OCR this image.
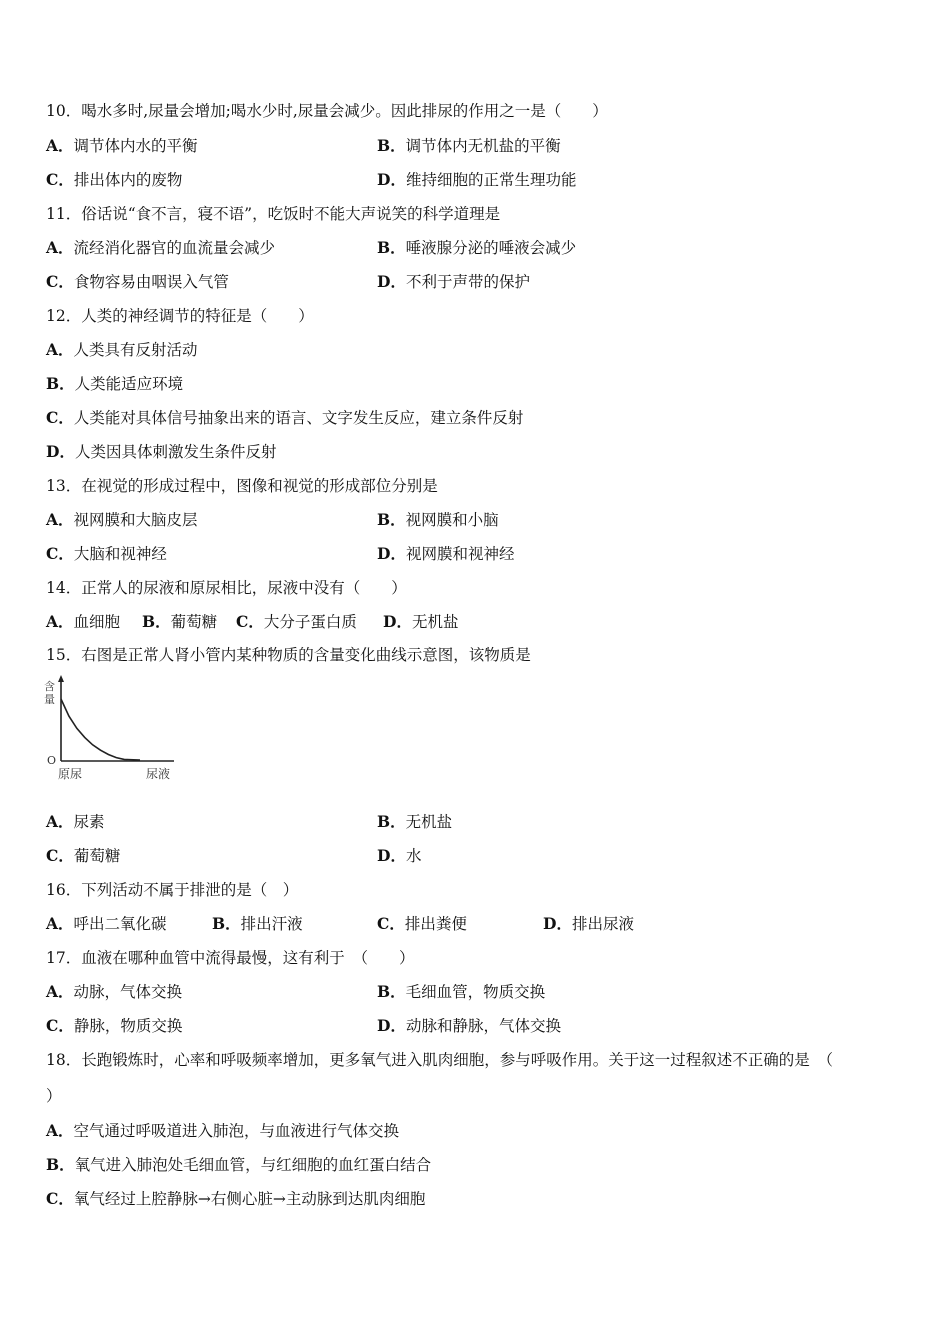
10．喝水多时,尿量会增加;喝水少时,尿量会减少。因此排尿的作用之一是（　　）
A．调节体内水的平衡	B．调节体内无机盐的平衡
C．排出体内的废物	D．维持细胞的正常生理功能
11．俗话说“食不言，寝不语”，吃饭时不能大声说笑的科学道理是
A．流经消化器官的血流量会减少	B．唾液腺分泌的唾液会减少
C．食物容易由咽误入气管	D．不利于声带的保护
12．人类的神经调节的特征是（　　）
A．人类具有反射活动
B．人类能适应环境
C．人类能对具体信号抽象出来的语言、文字发生反应，建立条件反射
D．人类因具体刺激发生条件反射
13．在视觉的形成过程中，图像和视觉的形成部位分别是
A．视网膜和大脑皮层	B．视网膜和小脑
C．大脑和视神经	D．视网膜和视神经
14．正常人的尿液和原尿相比，尿液中没有（　　）
A．血细胞 B．葡萄糖 C．大分子蛋白质 D．无机盐
15．右图是正常人肾小管内某种物质的含量变化曲线示意图，该物质是
含
量
O
原尿	尿液
A．尿素	B．无机盐
C．葡萄糖	D．水
16．下列活动不属于排泄的是（　）
A．呼出二氧化碳	B．排出汗液	C．排出粪便	D．排出尿液
17．血液在哪种血管中流得最慢，这有利于　（　　）
A．动脉，气体交换	B．毛细血管，物质交换
C．静脉，物质交换	D．动脉和静脉，气体交换
18．长跑锻炼时，心率和呼吸频率增加，更多氧气进入肌肉细胞，参与呼吸作用。关于这一过程叙述不正确的是　（
）
A．空气通过呼吸道进入肺泡，与血液进行气体交换
B．氧气进入肺泡处毛细血管，与红细胞的血红蛋白结合
C．氧气经过上腔静脉→右侧心脏→主动脉到达肌肉细胞
